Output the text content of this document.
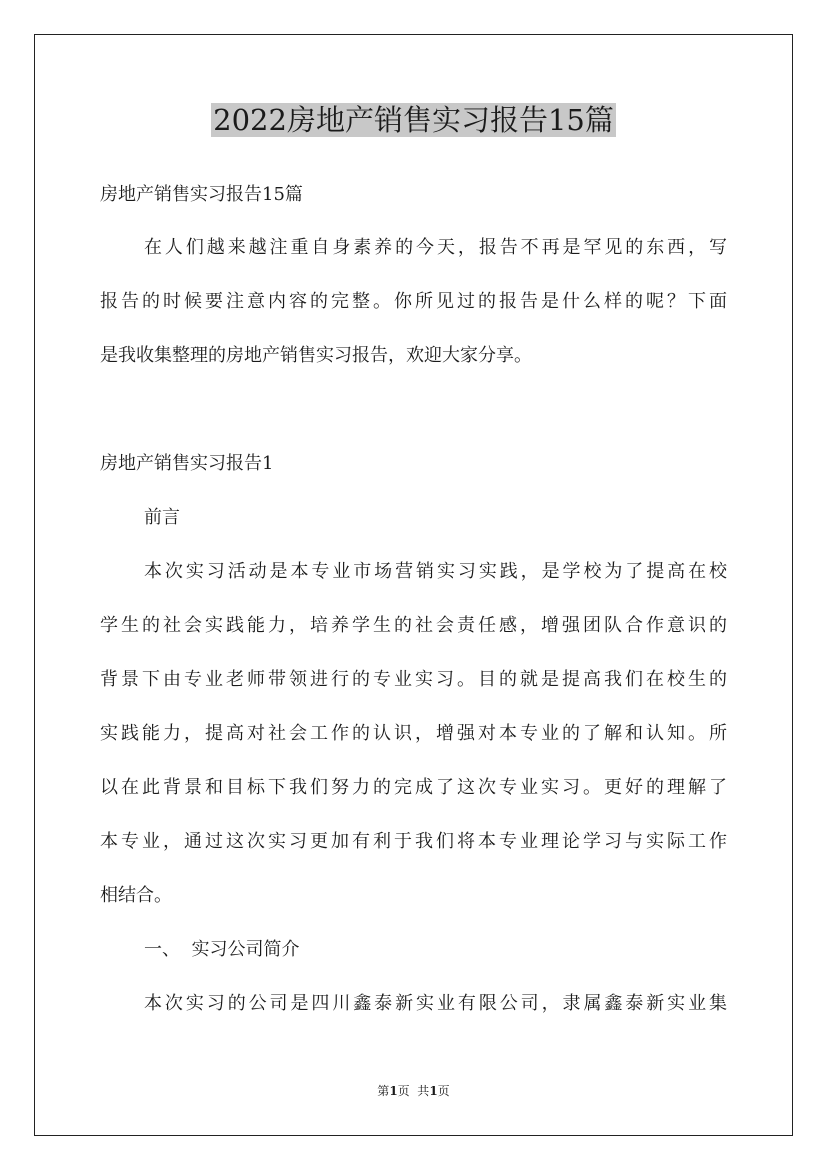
2022房地产销售实习报告15篇
房地产销售实习报告15篇
在人们越来越注重自身素养的今天，报告不再是罕见的东西，写
报告的时候要注意内容的完整。你所见过的报告是什么样的呢？下面
是我收集整理的房地产销售实习报告，欢迎大家分享。
房地产销售实习报告1
前言
本次实习活动是本专业市场营销实习实践，是学校为了提高在校
学生的社会实践能力，培养学生的社会责任感，增强团队合作意识的
背景下由专业老师带领进行的专业实习。目的就是提高我们在校生的
实践能力，提高对社会工作的认识，增强对本专业的了解和认知。所
以在此背景和目标下我们努力的完成了这次专业实习。更好的理解了
本专业，通过这次实习更加有利于我们将本专业理论学习与实际工作
相结合。
一、  实习公司简介
本次实习的公司是四川鑫泰新实业有限公司，隶属鑫泰新实业集
第1页  共1页
